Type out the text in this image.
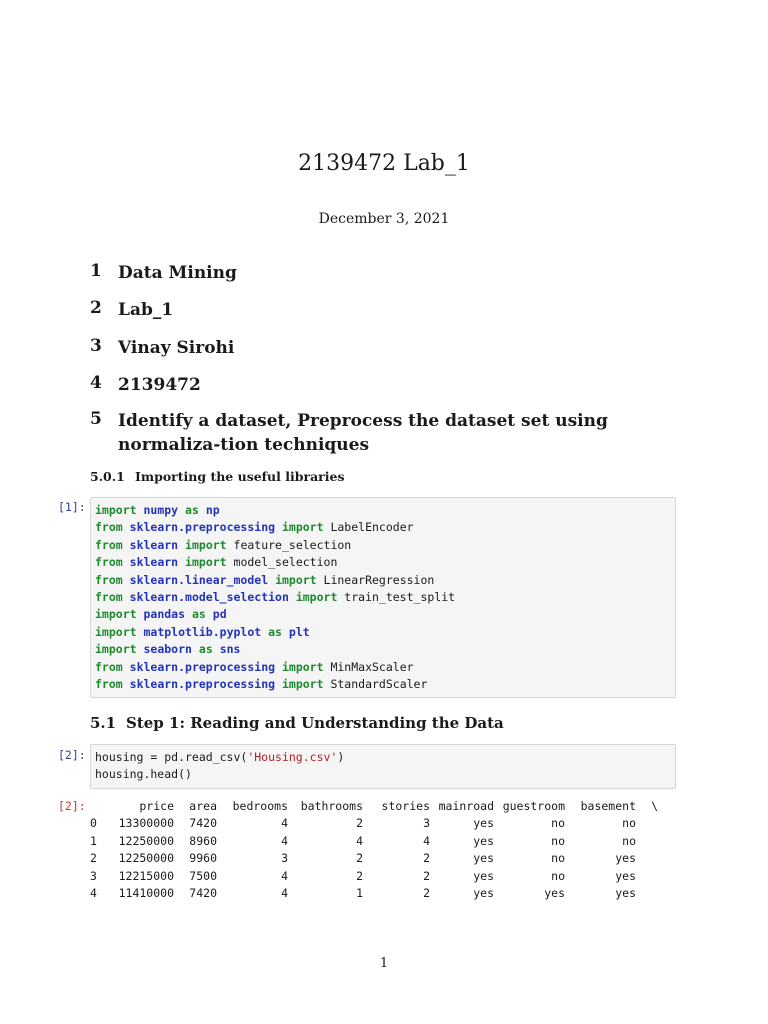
2139472 Lab_1
December 3, 2021
1 Data Mining
2 Lab_1
3 Vinay Sirohi
4 2139472
5 Identify a dataset, Preprocess the dataset set using normaliza-tion techniques
5.0.1 Importing the useful libraries
[1]: import numpy as np
from sklearn.preprocessing import LabelEncoder
from sklearn import feature_selection
from sklearn import model_selection
from sklearn.linear_model import LinearRegression
from sklearn.model_selection import train_test_split
import pandas as pd
import matplotlib.pyplot as plt
import seaborn as sns
from sklearn.preprocessing import MinMaxScaler
from sklearn.preprocessing import StandardScaler
5.1 Step 1: Reading and Understanding the Data
[2]: housing = pd.read_csv('Housing.csv')
housing.head()
[2]:
		price	area	bedrooms	bathrooms	stories	mainroad	guestroom	basement	\
0	13300000	7420	4	2	3	yes	no	no	
1	12250000	8960	4	4	4	yes	no	no	
2	12250000	9960	3	2	2	yes	no	yes	
3	12215000	7500	4	2	2	yes	no	yes	
4	11410000	7420	4	1	2	yes	yes	yes	
1
